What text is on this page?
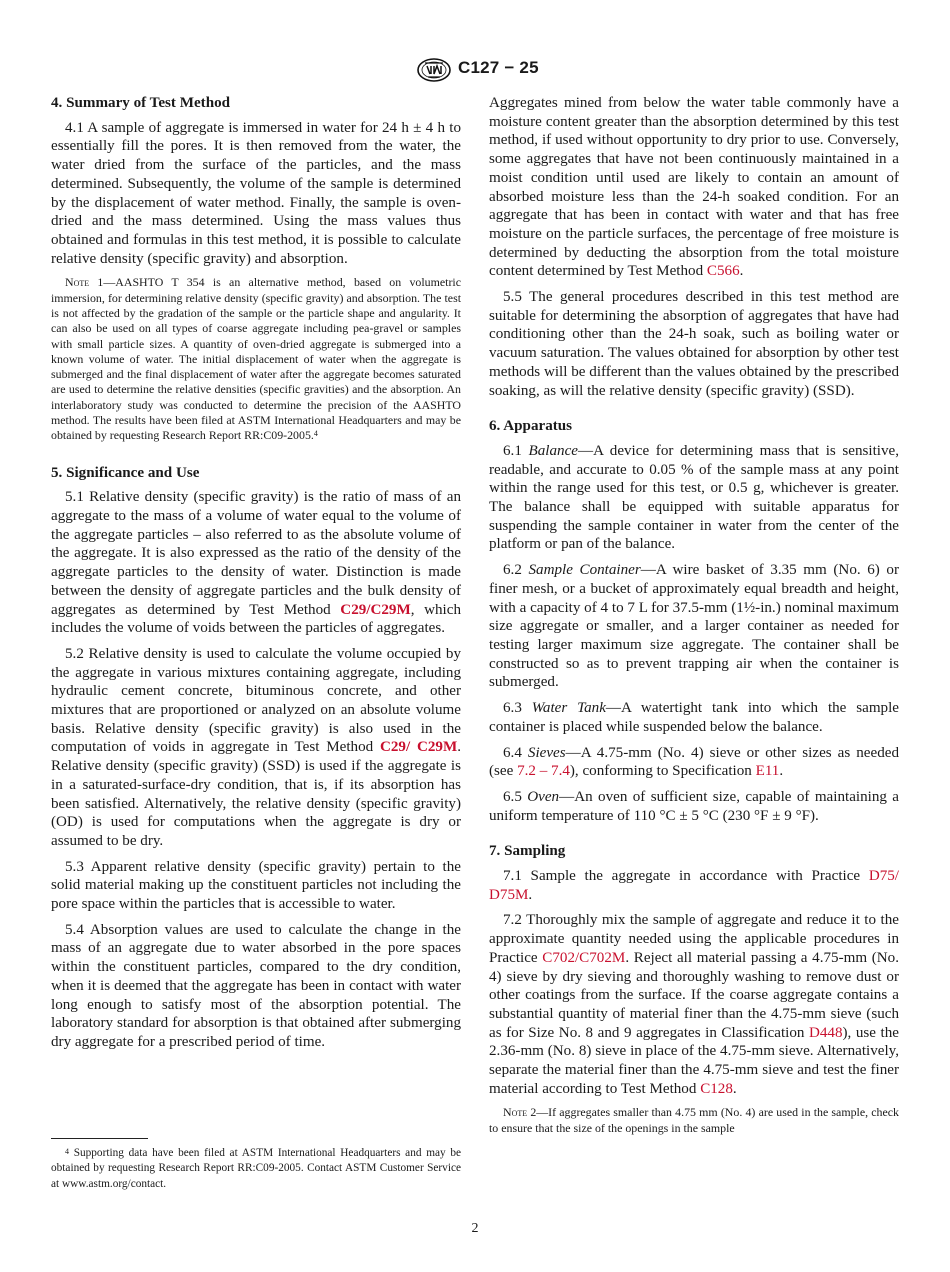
C127 − 25
4. Summary of Test Method

4.1 A sample of aggregate is immersed in water for 24 h ± 4 h to essentially fill the pores. It is then removed from the water, the water dried from the surface of the particles, and the mass determined. Subsequently, the volume of the sample is determined by the displacement of water method. Finally, the sample is oven-dried and the mass determined. Using the mass values thus obtained and formulas in this test method, it is possible to calculate relative density (specific gravity) and absorption.

Note 1—AASHTO T 354 is an alternative method, based on volumetric immersion, for determining relative density (specific gravity) and absorption. The test is not affected by the gradation of the sample or the particle shape and angularity. It can also be used on all types of coarse aggregate including pea-gravel or samples with small particle sizes. A quantity of oven-dried aggregate is submerged into a known volume of water. The initial displacement of water when the aggregate is submerged and the final displacement of water after the aggregate becomes saturated are used to determine the relative densities (specific gravities) and the absorption. An interlaboratory study was conducted to determine the precision of the AASHTO method. The results have been filed at ASTM International Headquarters and may be obtained by requesting Research Report RR:C09-2005.$^4$
5. Significance and Use

5.1 Relative density (specific gravity) is the ratio of mass of an aggregate to the mass of a volume of water equal to the volume of the aggregate particles – also referred to as the absolute volume of the aggregate. It is also expressed as the ratio of the density of the aggregate particles to the density of water. Distinction is made between the density of aggregate particles and the bulk density of aggregates as determined by Test Method C29/C29M, which includes the volume of voids between the particles of aggregates.

5.2 Relative density is used to calculate the volume occupied by the aggregate in various mixtures containing aggregate, including hydraulic cement concrete, bituminous concrete, and other mixtures that are proportioned or analyzed on an absolute volume basis. Relative density (specific gravity) is also used in the computation of voids in aggregate in Test Method C29/ C29M. Relative density (specific gravity) (SSD) is used if the aggregate is in a saturated-surface-dry condition, that is, if its absorption has been satisfied. Alternatively, the relative density (specific gravity) (OD) is used for computations when the aggregate is dry or assumed to be dry.

5.3 Apparent relative density (specific gravity) pertain to the solid material making up the constituent particles not including the pore space within the particles that is accessible to water.

5.4 Absorption values are used to calculate the change in the mass of an aggregate due to water absorbed in the pore spaces within the constituent particles, compared to the dry condition, when it is deemed that the aggregate has been in contact with water long enough to satisfy most of the absorption potential. The laboratory standard for absorption is that obtained after submerging dry aggregate for a prescribed period of time.

Aggregates mined from below the water table commonly have a moisture content greater than the absorption determined by this test method, if used without opportunity to dry prior to use. Conversely, some aggregates that have not been continuously maintained in a moist condition until used are likely to contain an amount of absorbed moisture less than the 24-h soaked condition. For an aggregate that has been in contact with water and that has free moisture on the particle surfaces, the percentage of free moisture is determined by deducting the absorption from the total moisture content determined by Test Method C566.

5.5 The general procedures described in this test method are suitable for determining the absorption of aggregates that have had conditioning other than the 24-h soak, such as boiling water or vacuum saturation. The values obtained for absorption by other test methods will be different than the values obtained by the prescribed soaking, as will the relative density (specific gravity) (SSD).

6. Apparatus

6.1 Balance—A device for determining mass that is sensitive, readable, and accurate to 0.05 % of the sample mass at any point within the range used for this test, or 0.5 g, whichever is greater. The balance shall be equipped with suitable apparatus for suspending the sample container in water from the center of the platform or pan of the balance.

6.2 Sample Container—A wire basket of 3.35 mm (No. 6) or finer mesh, or a bucket of approximately equal breadth and height, with a capacity of 4 to 7 L for 37.5-mm (1½-in.) nominal maximum size aggregate or smaller, and a larger container as needed for testing larger maximum size aggregate. The container shall be constructed so as to prevent trapping air when the container is submerged.

6.3 Water Tank—A watertight tank into which the sample container is placed while suspended below the balance.

6.4 Sieves—A 4.75-mm (No. 4) sieve or other sizes as needed (see 7.2 – 7.4), conforming to Specification E11.

6.5 Oven—An oven of sufficient size, capable of maintaining a uniform temperature of 110 °C ± 5 °C (230 °F ± 9 °F).

7. Sampling

7.1 Sample the aggregate in accordance with Practice D75/ D75M.

7.2 Thoroughly mix the sample of aggregate and reduce it to the approximate quantity needed using the applicable procedures in Practice C702/C702M. Reject all material passing a 4.75-mm (No. 4) sieve by dry sieving and thoroughly washing to remove dust or other coatings from the surface. If the coarse aggregate contains a substantial quantity of material finer than the 4.75-mm sieve (such as for Size No. 8 and 9 aggregates in Classification D448), use the 2.36-mm (No. 8) sieve in place of the 4.75-mm sieve. Alternatively, separate the material finer than the 4.75-mm sieve and test the finer material according to Test Method C128.

Note 2—If aggregates smaller than 4.75 mm (No. 4) are used in the sample, check to ensure that the size of the openings in the sample
$^4$ Supporting data have been filed at ASTM International Headquarters and may be obtained by requesting Research Report RR:C09-2005. Contact ASTM Customer Service at www.astm.org/contact.
2
